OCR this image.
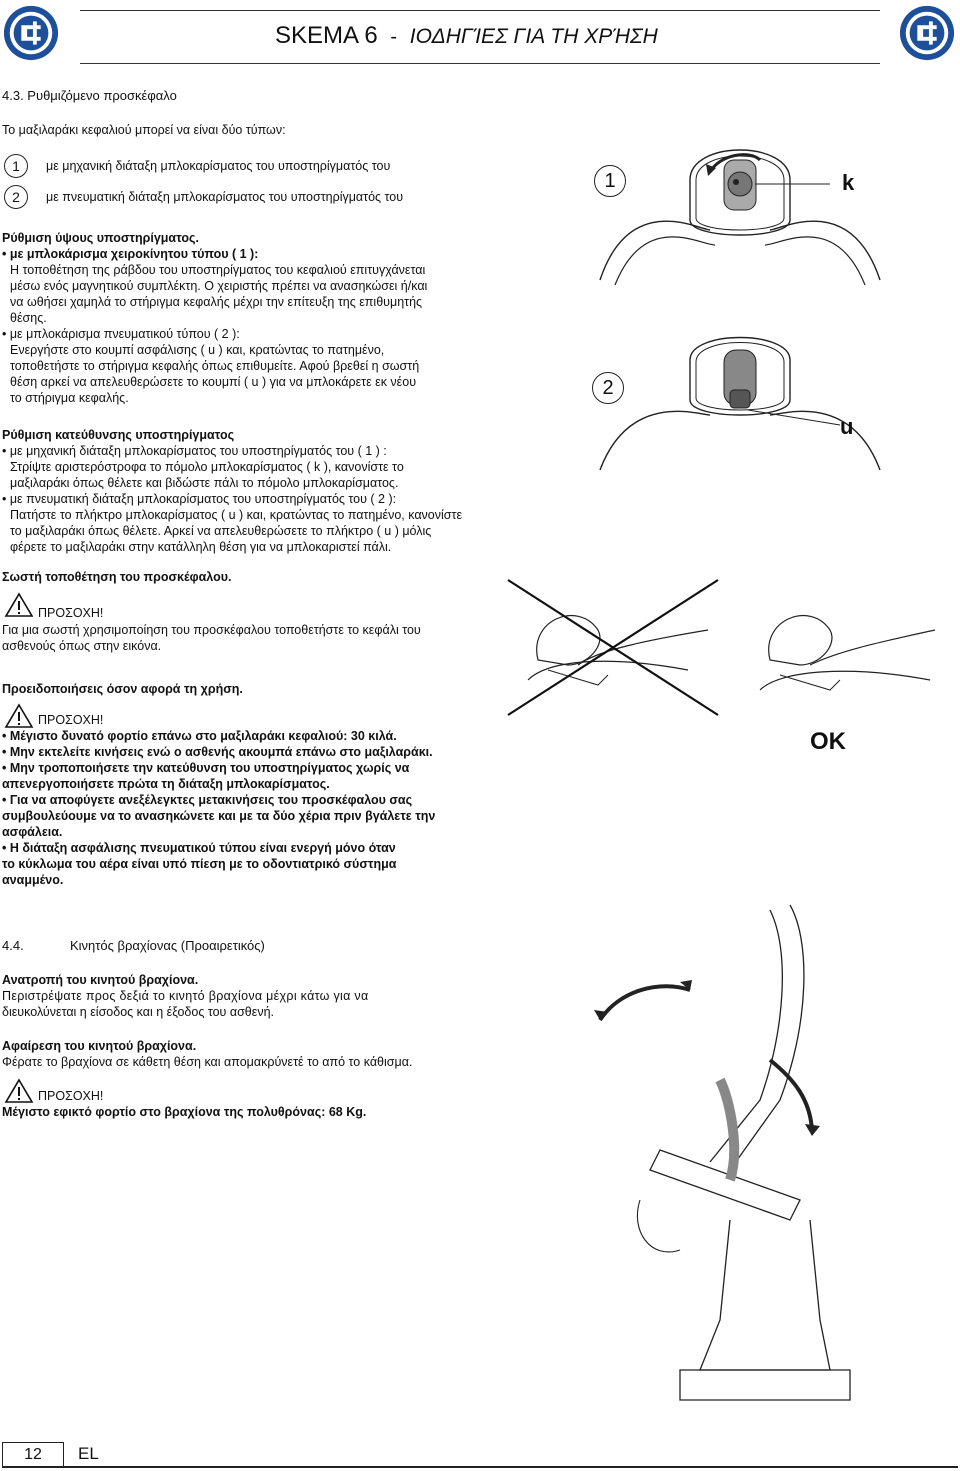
SKEMA 6 - ΙΟΔΗΓΊΕΣ ΓΙΑ ΤΗ ΧΡΉΣΗ
4.3. Ρυθμιζόμενο προσκέφαλο
Το μαξιλαράκι κεφαλιού μπορεί να είναι δύο τύπων:
1	με μηχανική διάταξη μπλοκαρίσματος του υποστηρίγματός του
2	με πνευματική διάταξη μπλοκαρίσματος του υποστηρίγματός του
Ρύθμιση ύψους υποστηρίγματος.
• με μπλοκάρισμα χειροκίνητου τύπου ( 1 ):
Η τοποθέτηση της ράβδου του υποστηρίγματος του κεφαλιού επιτυγχάνεται
μέσω ενός μαγνητικού συμπλέκτη. Ο χειριστής πρέπει να ανασηκώσει ή/και
να ωθήσει χαμηλά το στήριγμα κεφαλής μέχρι την επίτευξη της επιθυμητής
θέσης.
• με μπλοκάρισμα πνευματικού τύπου ( 2 ):
Ενεργήστε στο κουμπί ασφάλισης ( u ) και, κρατώντας το πατημένο,
τοποθετήστε το στήριγμα κεφαλής όπως επιθυμείτε. Αφού βρεθεί η σωστή
θέση αρκεί να απελευθερώσετε το κουμπί ( u ) για να μπλοκάρετε εκ νέου
το στήριγμα κεφαλής.
Ρύθμιση κατεύθυνσης υποστηρίγματος
• με μηχανική διάταξη μπλοκαρίσματος του υποστηρίγματός του ( 1 ) :
Στρίψτε αριστερόστροφα το πόμολο μπλοκαρίσματος ( k ), κανονίστε το
μαξιλαράκι όπως θέλετε και βιδώστε πάλι το πόμολο μπλοκαρίσματος.
• με πνευματική διάταξη μπλοκαρίσματος του υποστηρίγματός του ( 2 ):
Πατήστε το πλήκτρο μπλοκαρίσματος ( u ) και, κρατώντας το πατημένο, κανονίστε
το μαξιλαράκι όπως θέλετε. Αρκεί να απελευθερώσετε το πλήκτρο ( u ) μόλις
φέρετε το μαξιλαράκι στην κατάλληλη θέση για να μπλοκαριστεί πάλι.
Σωστή τοποθέτηση του προσκέφαλου.
ΠΡΟΣΟΧΗ!
Για μια σωστή χρησιμοποίηση του προσκέφαλου τοποθετήστε το κεφάλι του
ασθενούς όπως στην εικόνα.
Προειδοποιήσεις όσον αφορά τη χρήση.
ΠΡΟΣΟΧΗ!
• Μέγιστο δυνατό φορτίο επάνω στο μαξιλαράκι κεφαλιού: 30 κιλά.
• Μην εκτελείτε κινήσεις ενώ ο ασθενής ακουμπά επάνω στο μαξιλαράκι.
• Μην τροποποιήσετε την κατεύθυνση του υποστηρίγματος χωρίς να
απενεργοποιήσετε πρώτα τη διάταξη μπλοκαρίσματος.
• Για να αποφύγετε ανεξέλεγκτες μετακινήσεις του προσκέφαλου σας
συμβουλεύουμε να το ανασηκώνετε και με τα δύο χέρια πριν βγάλετε την
ασφάλεια.
• Η διάταξη ασφάλισης πνευματικού τύπου είναι ενεργή μόνο όταν
το κύκλωμα του αέρα είναι υπό πίεση με το οδοντιατρικό σύστημα
αναμμένο.
4.4.	Κινητός βραχίονας (Προαιρετικός)
Ανατροπή του κινητού βραχίονα.
Περιστρέψατε προς δεξιά το κινητό βραχίονα μέχρι κάτω για να
διευκολύνεται η είσοδος και η έξοδος του ασθενή.
Αφαίρεση του κινητού βραχίονα.
Φέρατε το βραχίονα σε κάθετη θέση και απομακρύνετέ το από το κάθισμα.
ΠΡΟΣΟΧΗ!
Μέγιστο εφικτό φορτίο στο βραχίονα της πολυθρόνας: 68 Kg.
1	k
2
u
OK
12	EL
